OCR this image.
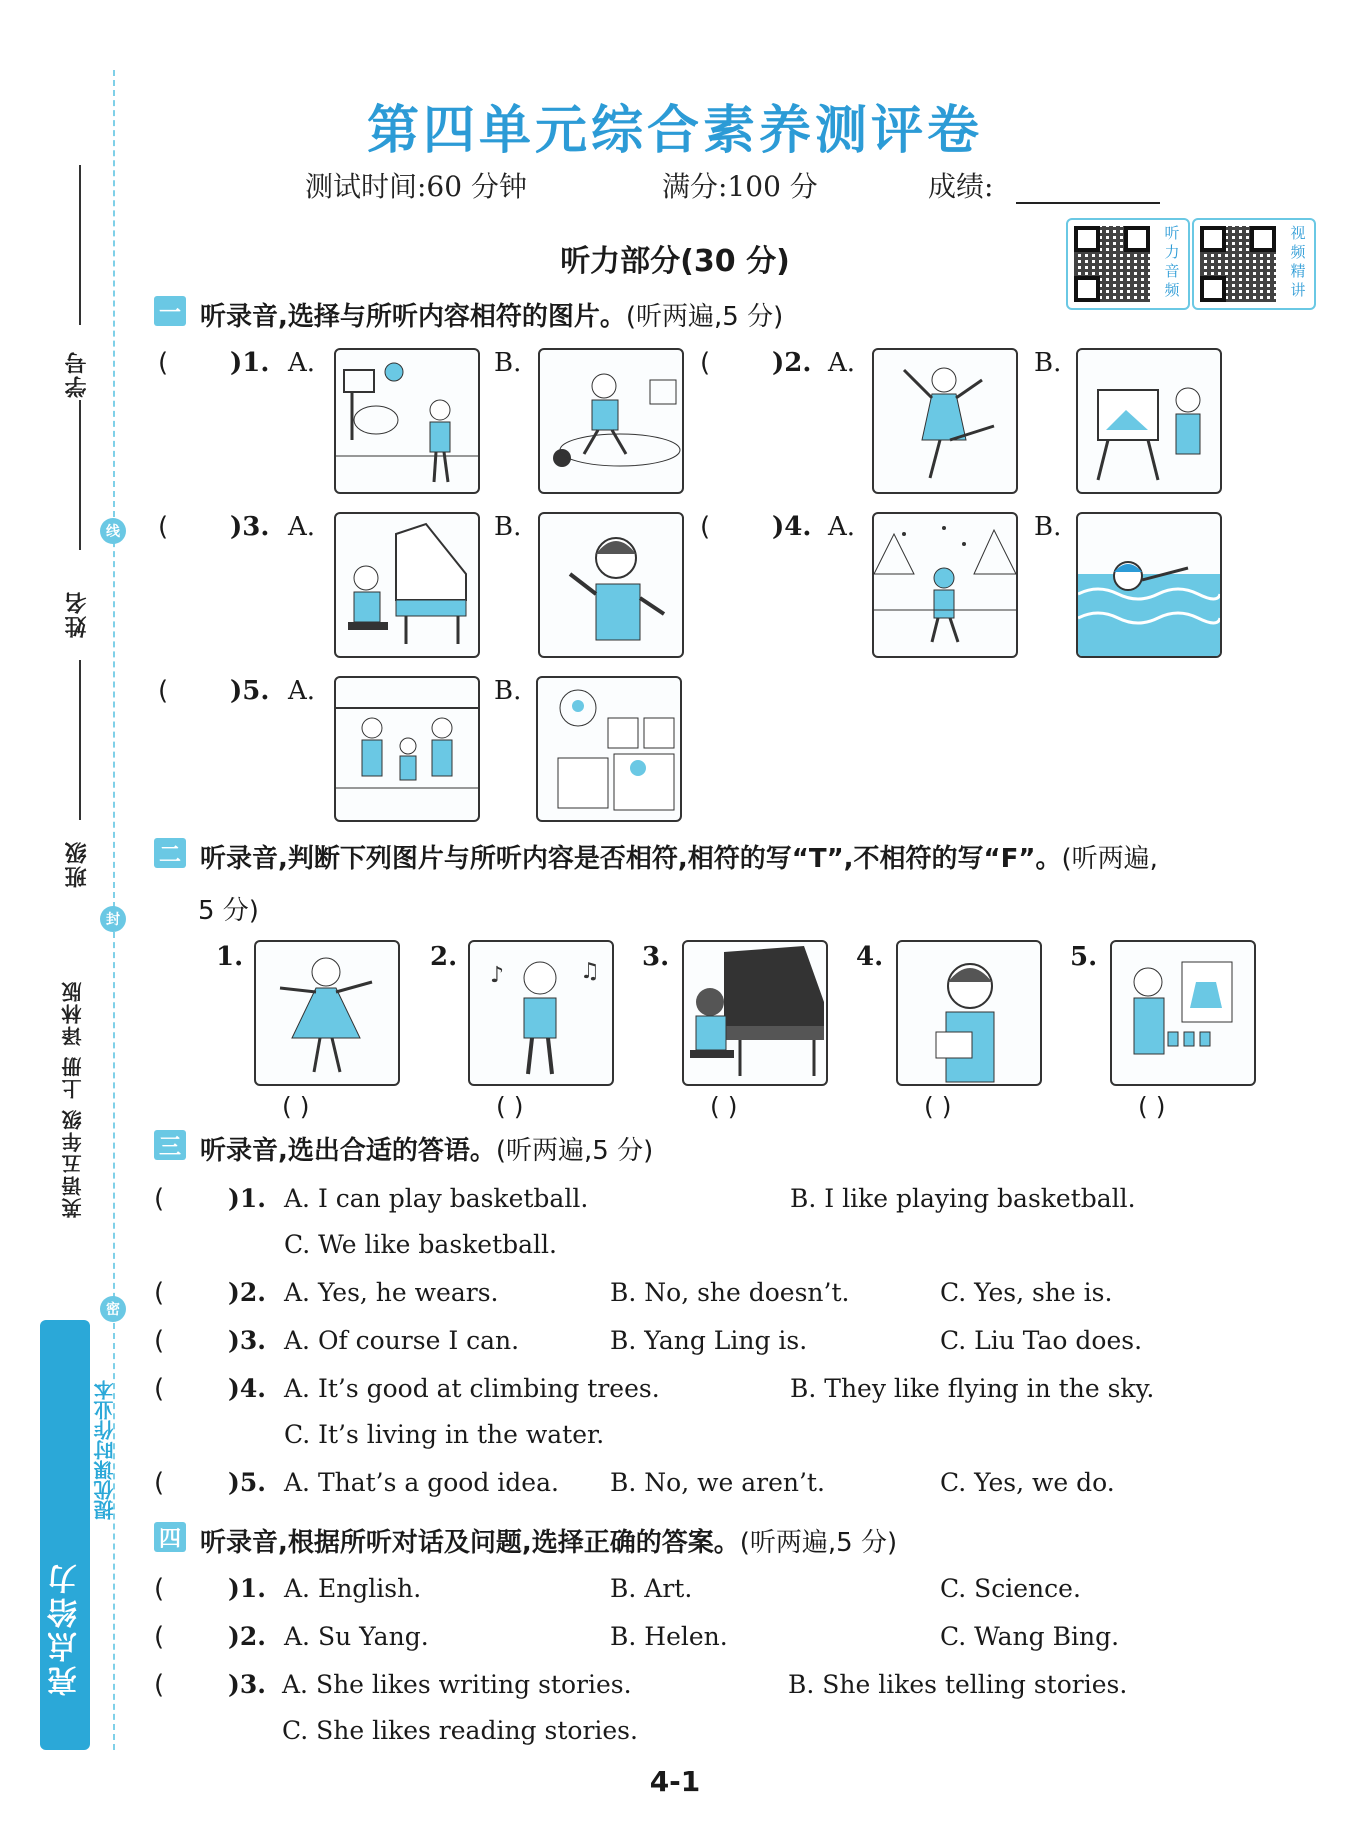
学号
线
姓名
班级
封
英语五年级 上册 译林版
密
亮点给力
提优课时作业本
第四单元综合素养测评卷
测试时间:60 分钟	满分:100 分	成绩:
听力部分(30 分)
听力音频
视频精讲
一 听录音,选择与所听内容相符的图片。(听两遍,5 分)
( )1. A.	B.	( )2. A.	B.
( )3. A.	B.	( )4. A.	B.
( )5. A.	B.
二 听录音,判断下列图片与所听内容是否相符,相符的写“T”,不相符的写“F”。(听两遍,
5 分)
1.
( )
2.
♪	♫
( )
3.
( )
4.
( )
5.
( )
三 听录音,选出合适的答语。(听两遍,5 分)
(	)1. A. I can play basketball.	B. I like playing basketball.
C. We like basketball.
(	)2. A. Yes, he wears.	B. No, she doesn’t.	C. Yes, she is.
(	)3. A. Of course I can.	B. Yang Ling is.	C. Liu Tao does.
(	)4. A. It’s good at climbing trees.	B. They like flying in the sky.
C. It’s living in the water.
(	)5. A. That’s a good idea. B. No, we aren’t.	C. Yes, we do.
四 听录音,根据所听对话及问题,选择正确的答案。(听两遍,5 分)
(	)1. A. English.	B. Art.	C. Science.
(	)2. A. Su Yang.	B. Helen.	C. Wang Bing.
(	)3. A. She likes writing stories.	B. She likes telling stories.
C. She likes reading stories.
4-1
